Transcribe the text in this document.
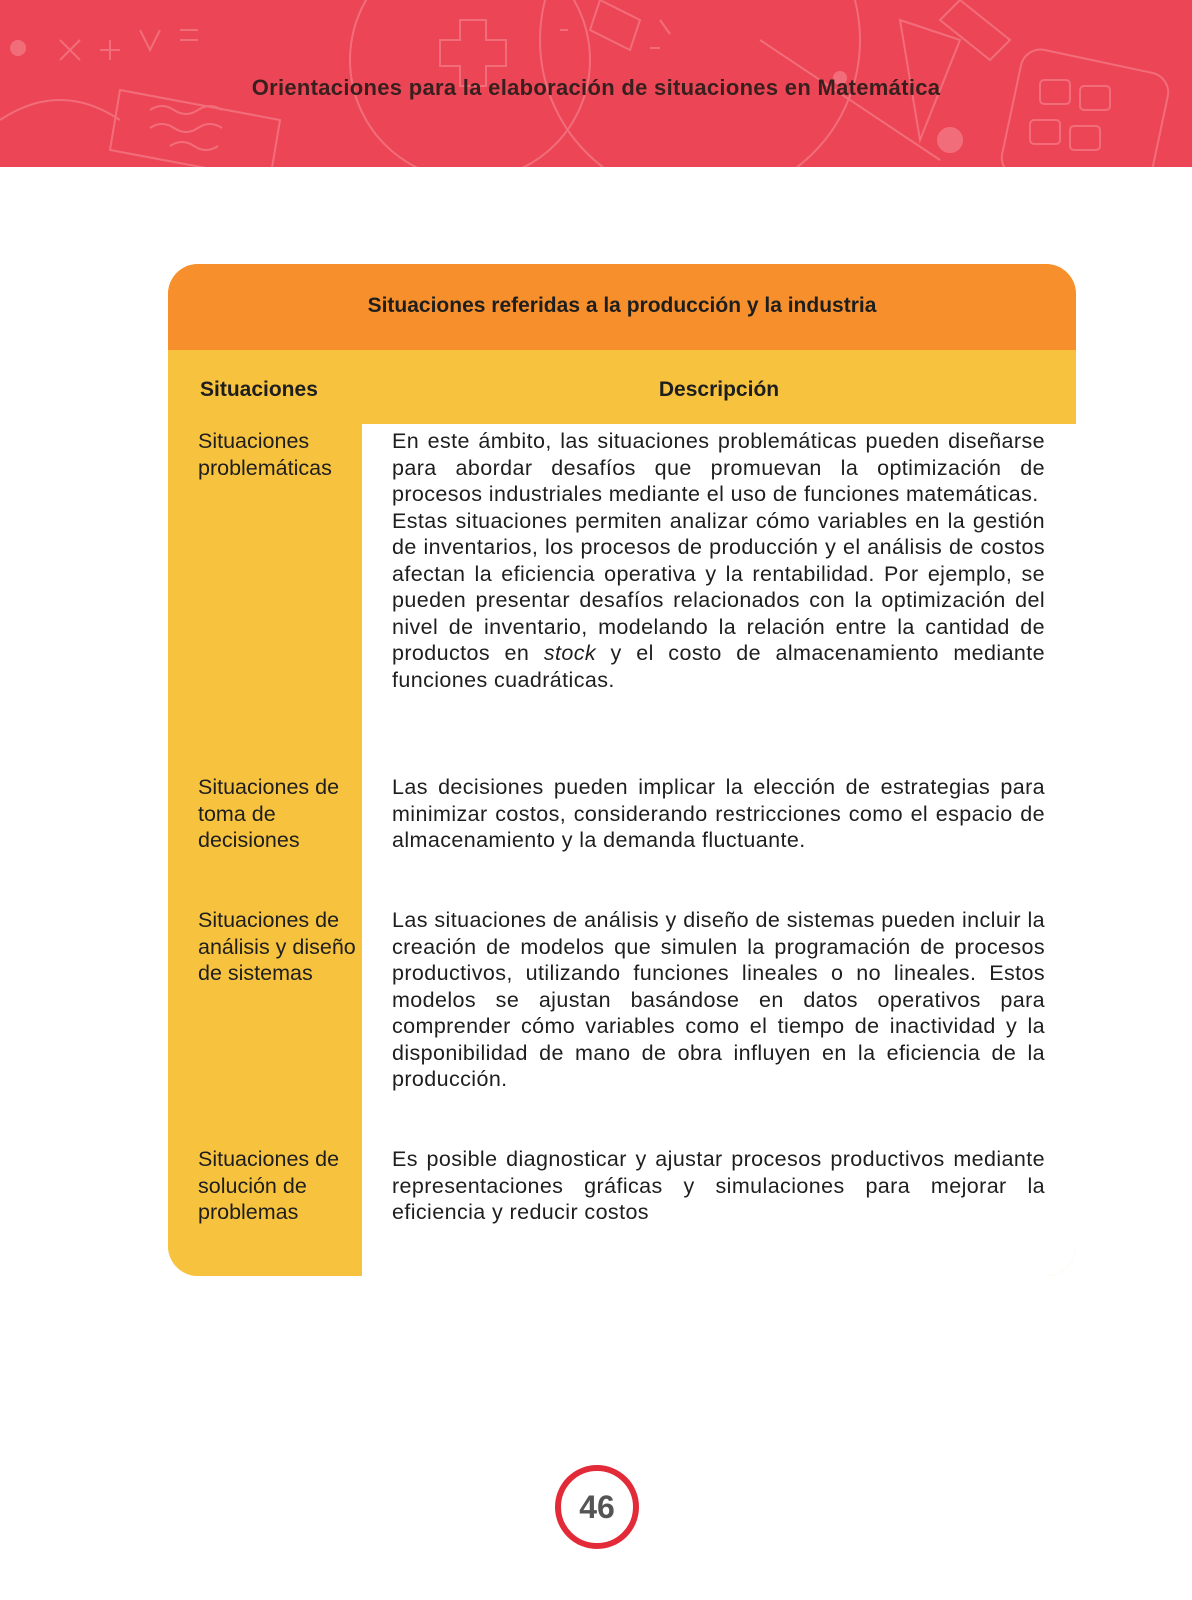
Orientaciones para la elaboración de situaciones en Matemática
Situaciones referidas a la producción y la industria
Situaciones	Descripción
Situaciones problemáticas

En este ámbito, las situaciones problemáticas pueden diseñarse para abordar desafíos que promuevan la optimización de procesos industriales mediante el uso de funciones matemáticas.

Estas situaciones permiten analizar cómo variables en la gestión de inventarios, los procesos de producción y el análisis de costos afectan la eficiencia operativa y la rentabilidad. Por ejemplo, se pueden presentar desafíos relacionados con la optimización del nivel de inventario, modelando la relación entre la cantidad de productos en stock y el costo de almacenamiento mediante funciones cuadráticas.

Situaciones de toma de decisiones

Las decisiones pueden implicar la elección de estrategias para minimizar costos, considerando restricciones como el espacio de almacenamiento y la demanda fluctuante.

Situaciones de análisis y diseño de sistemas

Las situaciones de análisis y diseño de sistemas pueden incluir la creación de modelos que simulen la programación de procesos productivos, utilizando funciones lineales o no lineales. Estos modelos se ajustan basándose en datos operativos para comprender cómo variables como el tiempo de inactividad y la disponibilidad de mano de obra influyen en la eficiencia de la producción.

Situaciones de solución de problemas

Es posible diagnosticar y ajustar procesos productivos mediante representaciones gráficas y simulaciones para mejorar la eficiencia y reducir costos

46
